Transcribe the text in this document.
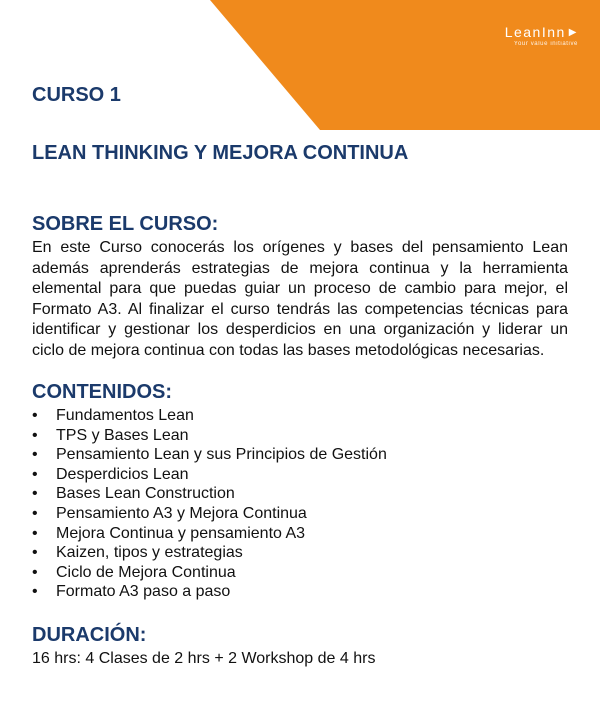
LeanInn ▶
Your value initiative
CURSO 1
LEAN THINKING Y MEJORA CONTINUA
SOBRE EL CURSO:

En este Curso conocerás los orígenes y bases del pensamiento Lean además aprenderás estrategias de mejora continua y la herramienta elemental para que puedas guiar un proceso de cambio para mejor, el Formato A3. Al finalizar el curso tendrás las competencias técnicas para identificar y gestionar los desperdicios en una organización y liderar un ciclo de mejora continua con todas las bases metodológicas necesarias.

CONTENIDOS:
• Fundamentos Lean
• TPS y Bases Lean
• Pensamiento Lean y sus Principios de Gestión
• Desperdicios Lean
• Bases Lean Construction
• Pensamiento A3 y Mejora Continua
• Mejora Continua y pensamiento A3
• Kaizen, tipos y estrategias
• Ciclo de Mejora Continua
• Formato A3 paso a paso
DURACIÓN:

16 hrs: 4 Clases de 2 hrs + 2 Workshop de 4 hrs
